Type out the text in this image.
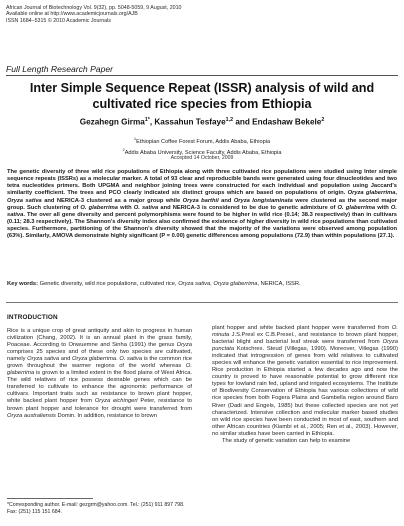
African Journal of Biotechnology Vol. 9(32), pp. 5048-5059, 9 August, 2010
Available online at http://www.academicjournals.org/AJB
ISSN 1684–5315 © 2010 Academic Journals
Full Length Research Paper
Inter Simple Sequence Repeat (ISSR) analysis of wild and cultivated rice species from Ethiopia
Gezahegn Girma$^{1*}$, Kassahun Tesfaye$^{1,2}$ and Endashaw Bekele$^2$
$^1$Ethiopian Coffee Forest Forum, Addis Ababa, Ethiopia
$^2$Addis Ababa University, Science Faculty, Addis Ababa, Ethiopia
Accepted 14 October, 2009
The genetic diversity of three wild rice populations of Ethiopia along with three cultivated rice populations were studied using Inter simple sequence repeats (ISSRs) as a molecular marker. A total of 93 clear and reproducible bands were generated using four dinucleotides and two tetra nucleotides primers. Both UPGMA and neighbor joining trees were constructed for each individual and population using Jaccard's similarity coefficient. The trees and PCO clearly indicated six distinct groups which are based on populations of origin. Oryza glaberrima, Oryza sativa and NERICA-3 clustered as a major group while Oryza barthii and Oryza longistaminata were clustered as the second major group. Such clustering of O. glaberrima with O. sativa and NERICA-3 is considered to be due to genetic admixture of O. glaberrima with O. sativa. The over all gene diversity and percent polymorphisms were found to be higher in wild rice (0.14; 38.3 respectively) than in cultivars (0.11; 28.3 respectively). The Shannon's diversity index also confirmed the existence of higher diversity in wild rice populations than cultivated species. Furthermore, partitioning of the Shannon's diversity showed that the majority of the variations were observed among population (63%). Similarly, AMOVA demonstrate highly significant (P = 0.00) genetic differences among populations (72.9) than within populations (27.1).
Key words: Genetic diversity, wild rice populations, cultivated rice, Oryza sativa, Oryza glaberrima, NERICA, ISSR.
INTRODUCTION
Rice is a unique crop of great antiquity and akin to progress in human civilization (Chang, 2002). It is an annual plant in the grass family, Poaceae. According to Onwuemne and Sinha (1991) the genus Oryza comprises 25 species and of these only two species are cultivated, namely Oryza sativa and Oryza glaberrima. O. sativa is the common rice grown throughout the warmer regions of the world whereas O. glaberrima is grown to a limited extent in the flood plains of West Africa. The wild relatives of rice possess desirable genes which can be transferred to cultivate to enhance the agronomic performance of cultivars. Important traits such as resistance to brown plant hopper, white backed plant hopper from Oryza eichingeri Peter, resistance to brown plant hopper and tolerance for drought were transferred from Oryza australiensis Domin. In addition, resistance to brown
plant hopper and white backed plant hopper were transferred from O. minuta J.S.Presl ex C.B.Presel., and resistance to brown plant hopper, bacterial blight and bacterial leaf streak were transferred from Oryza punctata Kotschrex. Steud (Villegas, 1990). Moreover, Villegas (1990) indicated that introgression of genes from wild relatives to cultivated species will enhance the genetic variation essential to rice improvement. Rice production in Ethiopia started a few decades ago and now the country is proved to have reasonable potential to grow different rice types for lowland rain fed, upland and irrigated ecosystems. The Institute of Biodiversity Conservation of Ethiopia has various collections of wild rice species from both Fogera Plains and Gambella region around Baro River (Dadi and Engels, 1985) but these collected species are not yet characterized. Intensive collection and molecular marker based studies on wild rice species have been conducted in most of east, southern and other African countries (Kiambi et al., 2005; Ren et al., 2003). However, no similar studies have been carried in Ethiopia.
The study of genetic variation can help to examine
*Corresponding author. E-mail: gezgrm@yahoo.com. Tel.: (251) 911 897 798. Fax: (251) 115 151 684.
